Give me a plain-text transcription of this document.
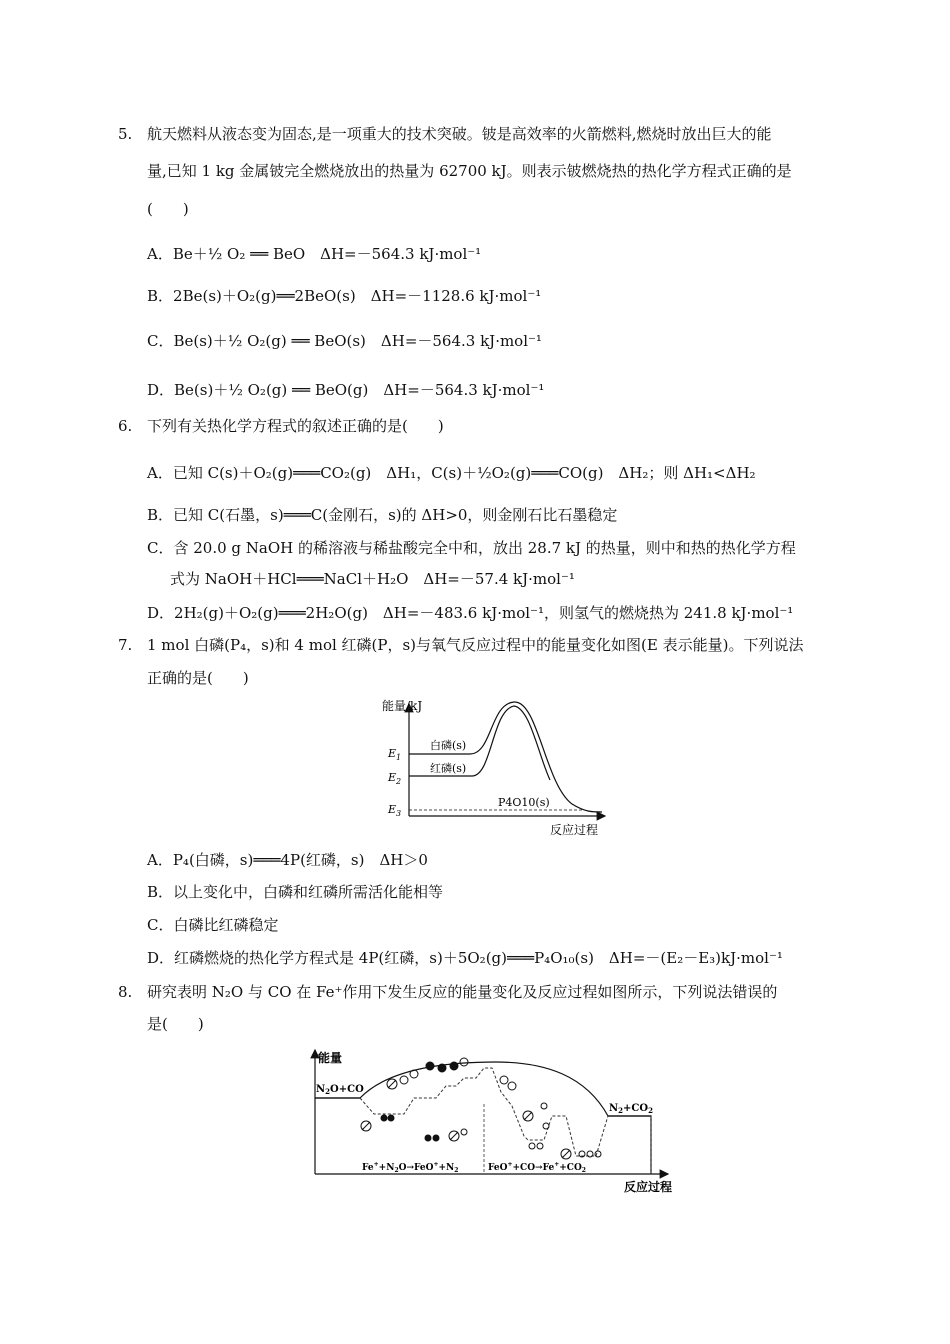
5. 航天燃料从液态变为固态,是一项重大的技术突破。铍是高效率的火箭燃料,燃烧时放出巨大的能
量,已知 1 kg 金属铍完全燃烧放出的热量为 62700 kJ。则表示铍燃烧热的热化学方程式正确的是
(　　)
A．Be＋½ O₂ ══ BeO　ΔH=－564.3 kJ·mol⁻¹
B．2Be(s)＋O₂(g)══2BeO(s)　ΔH=－1128.6 kJ·mol⁻¹
C．Be(s)＋½ O₂(g) ══ BeO(s)　ΔH=－564.3 kJ·mol⁻¹
D．Be(s)＋½ O₂(g) ══ BeO(g)　ΔH=－564.3 kJ·mol⁻¹
6. 下列有关热化学方程式的叙述正确的是(　　)
A．已知 C(s)＋O₂(g)═══CO₂(g)　ΔH₁，C(s)＋½O₂(g)═══CO(g)　ΔH₂；则 ΔH₁<ΔH₂
B．已知 C(石墨，s)═══C(金刚石，s)的 ΔH>0，则金刚石比石墨稳定
C．含 20.0 g NaOH 的稀溶液与稀盐酸完全中和，放出 28.7 kJ 的热量，则中和热的热化学方程
式为 NaOH＋HCl═══NaCl＋H₂O　ΔH=－57.4 kJ·mol⁻¹
D．2H₂(g)＋O₂(g)═══2H₂O(g)　ΔH=－483.6 kJ·mol⁻¹，则氢气的燃烧热为 241.8 kJ·mol⁻¹
7. 1 mol 白磷(P₄，s)和 4 mol 红磷(P，s)与氧气反应过程中的能量变化如图(E 表示能量)。下列说法
正确的是(　　)
能量/kJ
反应过程
$E_1$
$E_2$
$E_3$
白磷(s)
红磷(s)
P4O10(s)
A．P₄(白磷，s)═══4P(红磷，s)　ΔH＞0
B．以上变化中，白磷和红磷所需活化能相等
C．白磷比红磷稳定
D．红磷燃烧的热化学方程式是 4P(红磷，s)＋5O₂(g)═══P₄O₁₀(s)　ΔH=－(E₂－E₃)kJ·mol⁻¹
8. 研究表明 N₂O 与 CO 在 Fe⁺作用下发生反应的能量变化及反应过程如图所示，下列说法错误的
是(　　)
能量
反应过程
$N_2O+CO$
$N_2+CO_2$
$Fe^++N_2O\to FeO^++N_2$	$FeO^++CO\to Fe^++CO_2$
